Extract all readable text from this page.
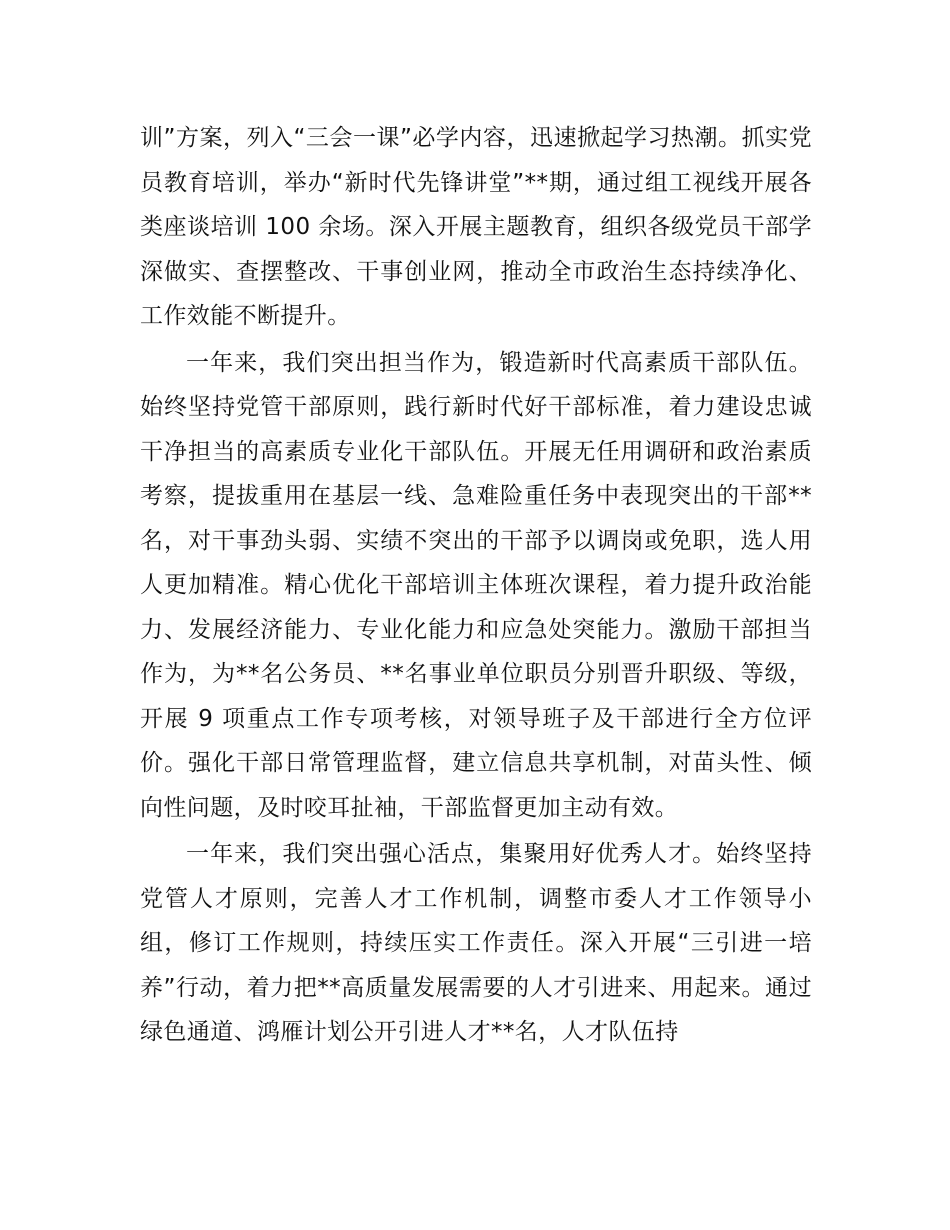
训”方案，列入“三会一课”必学内容，迅速掀起学习热潮。抓实党员教育培训，举办“新时代先锋讲堂”**期，通过组工视线开展各类座谈培训 100 余场。深入开展主题教育，组织各级党员干部学深做实、查摆整改、干事创业网，推动全市政治生态持续净化、工作效能不断提升。

一年来，我们突出担当作为，锻造新时代高素质干部队伍。始终坚持党管干部原则，践行新时代好干部标准，着力建设忠诚干净担当的高素质专业化干部队伍。开展无任用调研和政治素质考察，提拔重用在基层一线、急难险重任务中表现突出的干部**名，对干事劲头弱、实绩不突出的干部予以调岗或免职，选人用人更加精准。精心优化干部培训主体班次课程，着力提升政治能力、发展经济能力、专业化能力和应急处突能力。激励干部担当作为，为**名公务员、**名事业单位职员分别晋升职级、等级，开展 9 项重点工作专项考核，对领导班子及干部进行全方位评价。强化干部日常管理监督，建立信息共享机制，对苗头性、倾向性问题，及时咬耳扯袖，干部监督更加主动有效。

一年来，我们突出强心活点，集聚用好优秀人才。始终坚持党管人才原则，完善人才工作机制，调整市委人才工作领导小组，修订工作规则，持续压实工作责任。深入开展“三引进一培养”行动，着力把**高质量发展需要的人才引进来、用起来。通过绿色通道、鸿雁计划公开引进人才**名，人才队伍持
